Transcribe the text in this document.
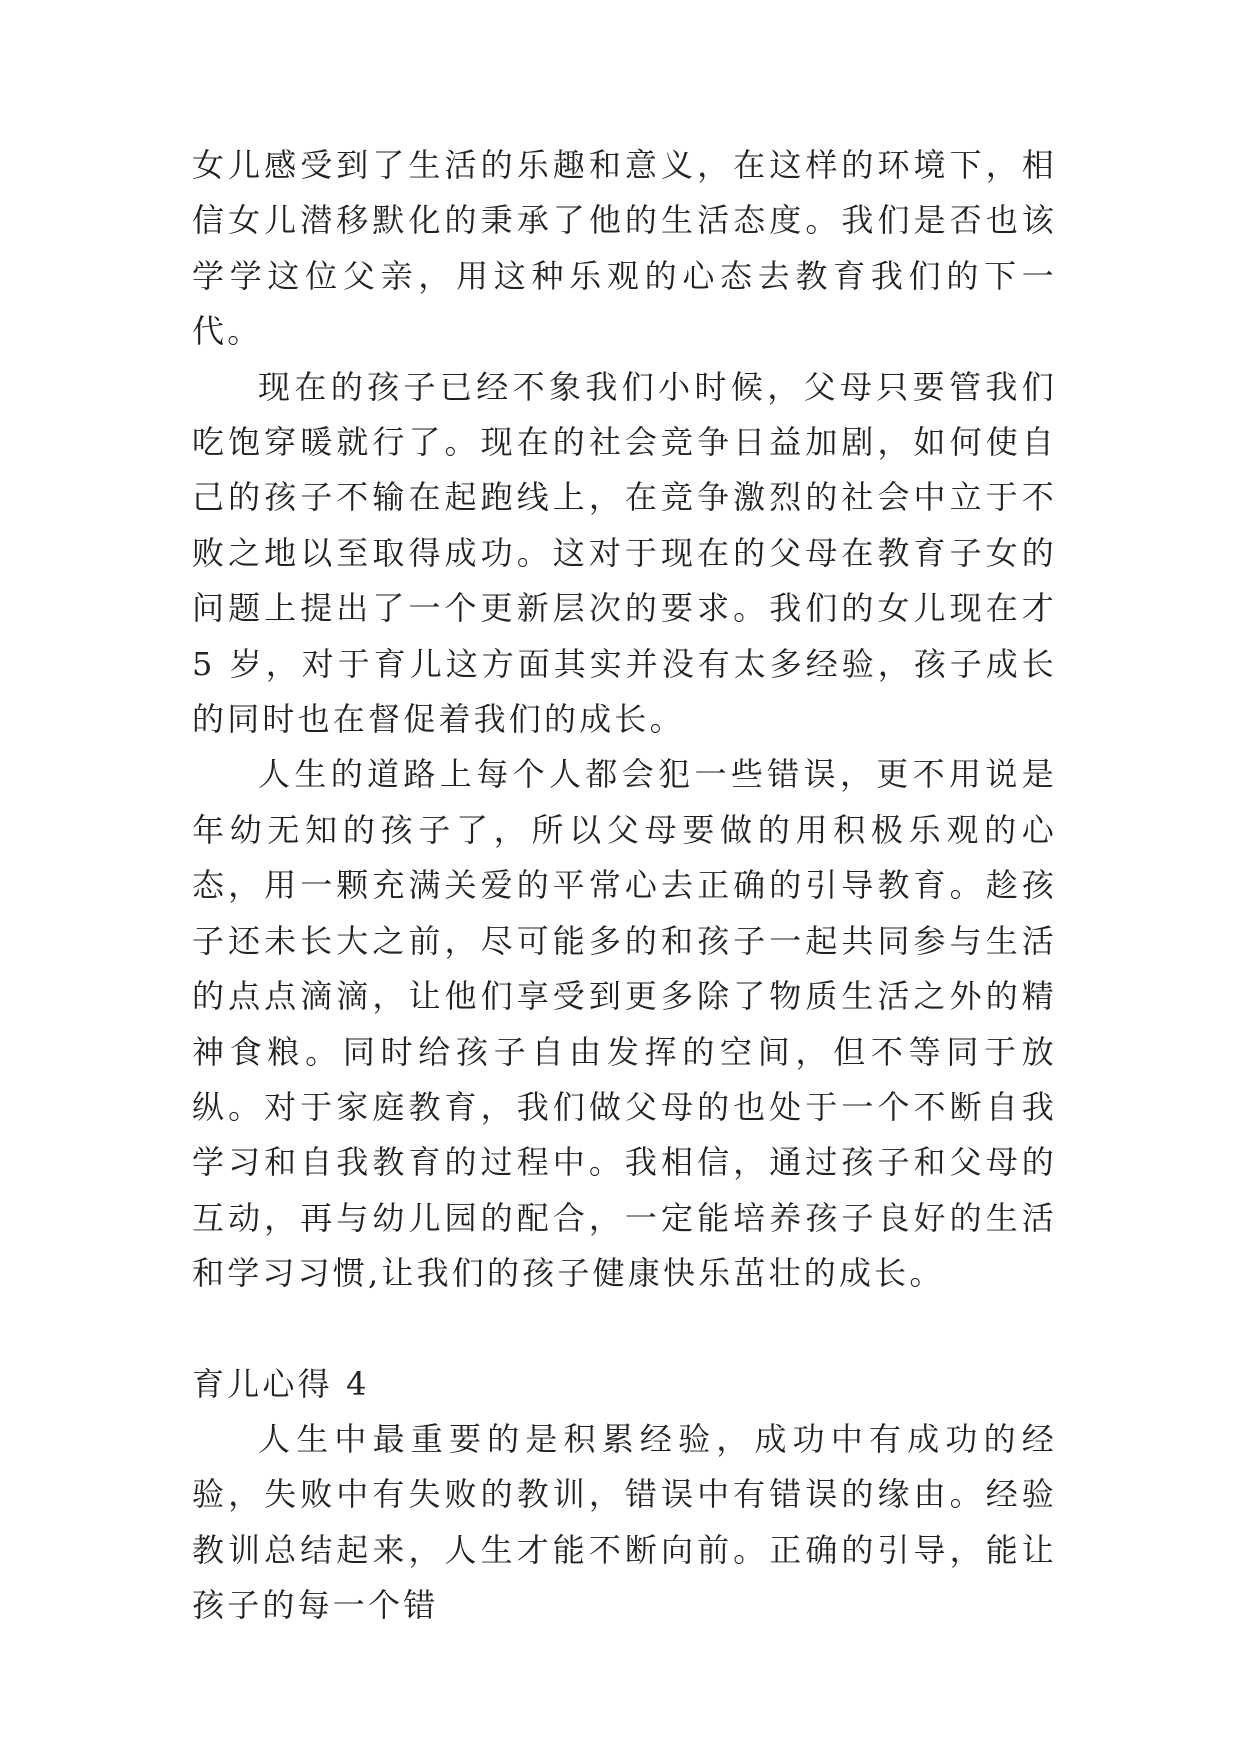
女儿感受到了生活的乐趣和意义，在这样的环境下，相信女儿潜移默化的秉承了他的生活态度。我们是否也该学学这位父亲，用这种乐观的心态去教育我们的下一代。

现在的孩子已经不象我们小时候，父母只要管我们吃饱穿暖就行了。现在的社会竞争日益加剧，如何使自己的孩子不输在起跑线上，在竞争激烈的社会中立于不败之地以至取得成功。这对于现在的父母在教育子女的问题上提出了一个更新层次的要求。我们的女儿现在才 5 岁，对于育儿这方面其实并没有太多经验，孩子成长的同时也在督促着我们的成长。

人生的道路上每个人都会犯一些错误，更不用说是年幼无知的孩子了，所以父母要做的用积极乐观的心态，用一颗充满关爱的平常心去正确的引导教育。趁孩子还未长大之前，尽可能多的和孩子一起共同参与生活的点点滴滴，让他们享受到更多除了物质生活之外的精神食粮。同时给孩子自由发挥的空间，但不等同于放纵。对于家庭教育，我们做父母的也处于一个不断自我学习和自我教育的过程中。我相信，通过孩子和父母的互动，再与幼儿园的配合，一定能培养孩子良好的生活和学习习惯,让我们的孩子健康快乐茁壮的成长。

育儿心得 4

人生中最重要的是积累经验，成功中有成功的经验，失败中有失败的教训，错误中有错误的缘由。经验教训总结起来，人生才能不断向前。正确的引导，能让孩子的每一个错
